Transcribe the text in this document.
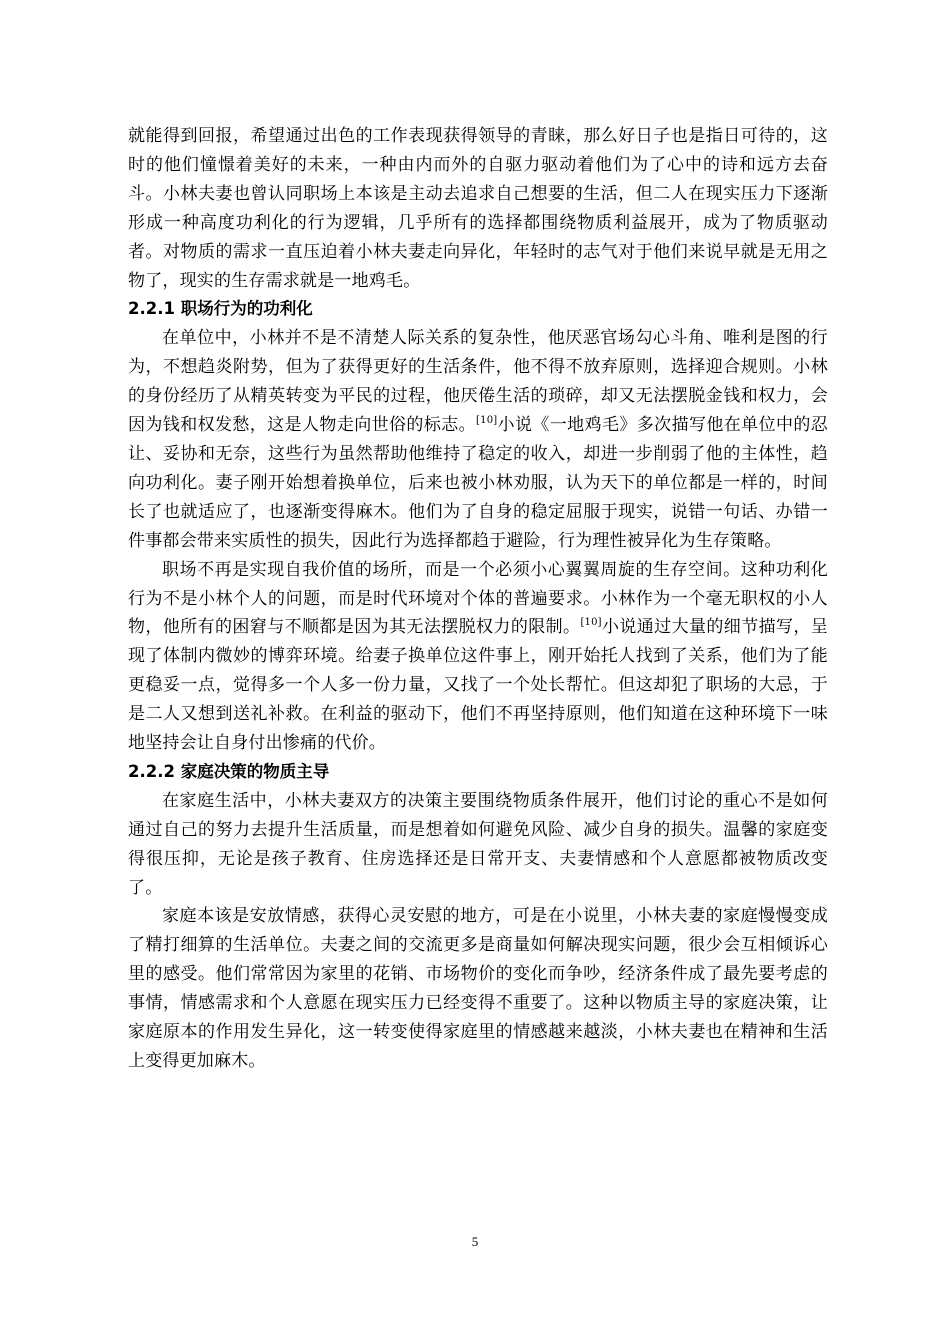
就能得到回报，希望通过出色的工作表现获得领导的青睐，那么好日子也是指日可待的，这时的他们憧憬着美好的未来，一种由内而外的自驱力驱动着他们为了心中的诗和远方去奋斗。小林夫妻也曾认同职场上本该是主动去追求自己想要的生活，但二人在现实压力下逐渐形成一种高度功利化的行为逻辑，几乎所有的选择都围绕物质利益展开，成为了物质驱动者。对物质的需求一直压迫着小林夫妻走向异化，年轻时的志气对于他们来说早就是无用之物了，现实的生存需求就是一地鸡毛。

2.2.1 职场行为的功利化

在单位中，小林并不是不清楚人际关系的复杂性，他厌恶官场勾心斗角、唯利是图的行为，不想趋炎附势，但为了获得更好的生活条件，他不得不放弃原则，选择迎合规则。小林的身份经历了从精英转变为平民的过程，他厌倦生活的琐碎，却又无法摆脱金钱和权力，会因为钱和权发愁，这是人物走向世俗的标志。[10]小说《一地鸡毛》多次描写他在单位中的忍让、妥协和无奈，这些行为虽然帮助他维持了稳定的收入，却进一步削弱了他的主体性，趋向功利化。妻子刚开始想着换单位，后来也被小林劝服，认为天下的单位都是一样的，时间长了也就适应了，也逐渐变得麻木。他们为了自身的稳定屈服于现实，说错一句话、办错一件事都会带来实质性的损失，因此行为选择都趋于避险，行为理性被异化为生存策略。

职场不再是实现自我价值的场所，而是一个必须小心翼翼周旋的生存空间。这种功利化行为不是小林个人的问题，而是时代环境对个体的普遍要求。小林作为一个毫无职权的小人物，他所有的困窘与不顺都是因为其无法摆脱权力的限制。[10]小说通过大量的细节描写，呈现了体制内微妙的博弈环境。给妻子换单位这件事上，刚开始托人找到了关系，他们为了能更稳妥一点，觉得多一个人多一份力量，又找了一个处长帮忙。但这却犯了职场的大忌，于是二人又想到送礼补救。在利益的驱动下，他们不再坚持原则，他们知道在这种环境下一味地坚持会让自身付出惨痛的代价。

2.2.2 家庭决策的物质主导

在家庭生活中，小林夫妻双方的决策主要围绕物质条件展开，他们讨论的重心不是如何通过自己的努力去提升生活质量，而是想着如何避免风险、减少自身的损失。温馨的家庭变得很压抑，无论是孩子教育、住房选择还是日常开支、夫妻情感和个人意愿都被物质改变了。

家庭本该是安放情感，获得心灵安慰的地方，可是在小说里，小林夫妻的家庭慢慢变成了精打细算的生活单位。夫妻之间的交流更多是商量如何解决现实问题，很少会互相倾诉心里的感受。他们常常因为家里的花销、市场物价的变化而争吵，经济条件成了最先要考虑的事情，情感需求和个人意愿在现实压力已经变得不重要了。这种以物质主导的家庭决策，让家庭原本的作用发生异化，这一转变使得家庭里的情感越来越淡，小林夫妻也在精神和生活上变得更加麻木。

5
